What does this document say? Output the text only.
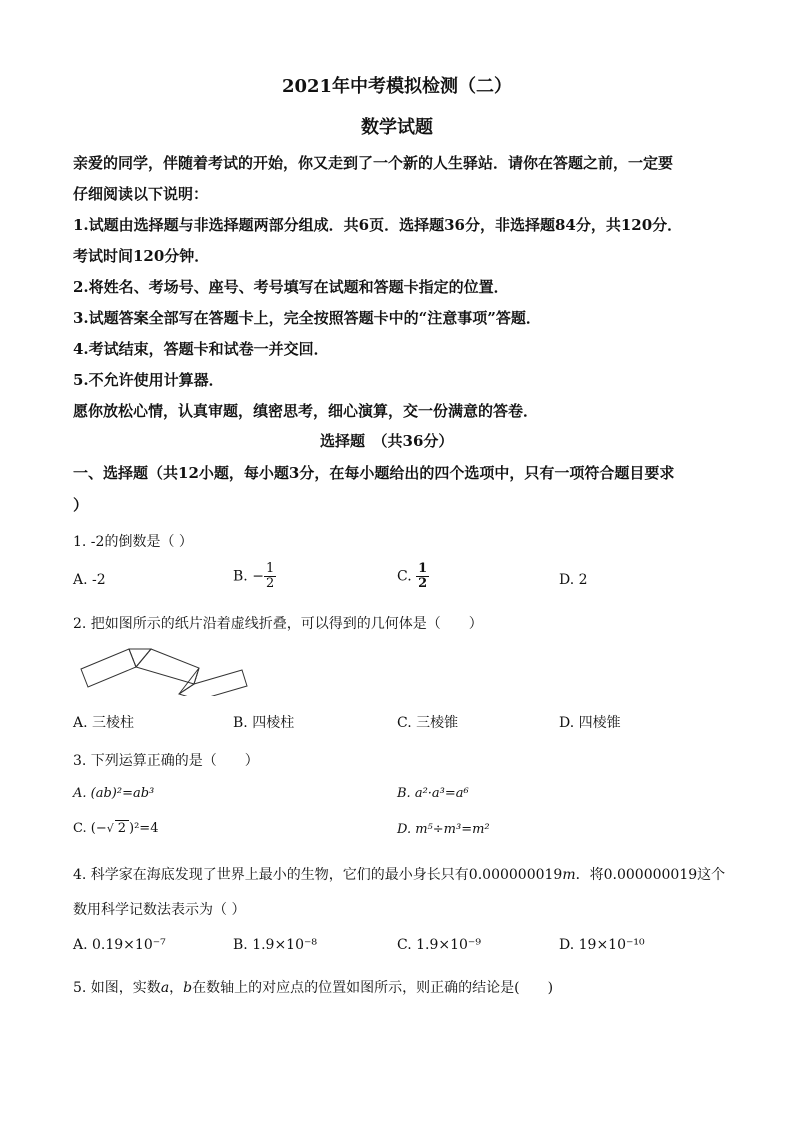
2021年中考模拟检测（二）
数学试题
亲爱的同学，伴随着考试的开始，你又走到了一个新的人生驿站．请你在答题之前，一定要
仔细阅读以下说明：
1.试题由选择题与非选择题两部分组成．共6页．选择题36分，非选择题84分，共120分．
考试时间120分钟．
2.将姓名、考场号、座号、考号填写在试题和答题卡指定的位置．
3.试题答案全部写在答题卡上，完全按照答题卡中的“注意事项”答题．
4.考试结束，答题卡和试卷一并交回．
5.不允许使用计算器．
愿你放松心情，认真审题，缜密思考，细心演算，交一份满意的答卷．
选择题　（共36分）
一、选择题（共12小题，每小题3分，在每小题给出的四个选项中，只有一项符合题目要求
）
1. -2的倒数是（ ）
A. -2	B. − $\frac{1}{2}$	C. $\frac{1}{2}$	D. 2
2. 把如图所示的纸片沿着虚线折叠，可以得到的几何体是（　　）
A. 三棱柱	B. 四棱柱	C. 三棱锥	D. 四棱锥
3. 下列运算正确的是（　　）
A. (ab)²=ab³	B. a²·a³=a⁶
C. (−√ 2 )²=4	D. m⁵÷m³=m²
4. 科学家在海底发现了世界上最小的生物，它们的最小身长只有0.000000019m．将0.000000019这个
数用科学记数法表示为（ ）
A. 0.19×10⁻⁷	B. 1.9×10⁻⁸	C. 1.9×10⁻⁹	D. 19×10⁻¹⁰
5. 如图，实数a，b在数轴上的对应点的位置如图所示，则正确的结论是(　　)
